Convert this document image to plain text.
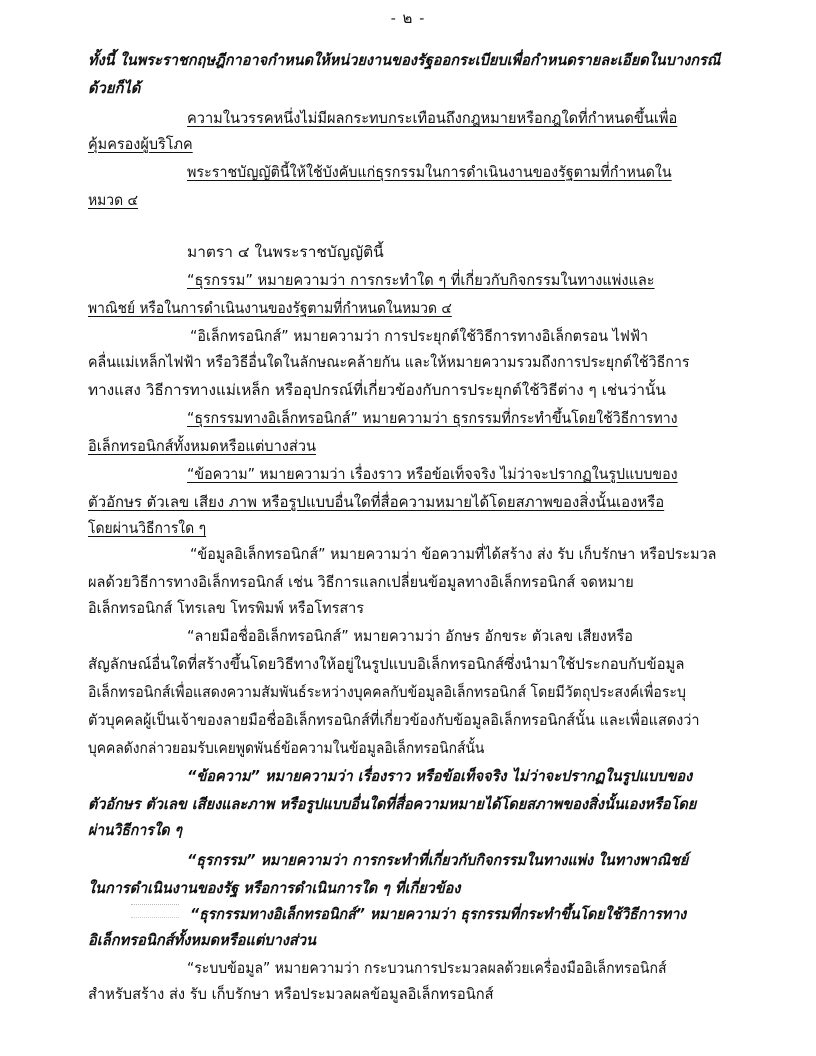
- ๒ -
ทั้งนี้ ในพระราชกฤษฎีกาอาจกำหนดให้หน่วยงานของรัฐออกระเบียบเพื่อกำหนดรายละเอียดในบางกรณี
ด้วยก็ได้
ความในวรรคหนึ่งไม่มีผลกระทบกระเทือนถึงกฎหมายหรือกฎใดที่กำหนดขึ้นเพื่อ
คุ้มครองผู้บริโภค
พระราชบัญญัตินี้ให้ใช้บังคับแก่ธุรกรรมในการดำเนินงานของรัฐตามที่กำหนดใน
หมวด ๔
มาตรา ๔ ในพระราชบัญญัตินี้
“ธุรกรรม” หมายความว่า การกระทำใด ๆ ที่เกี่ยวกับกิจกรรมในทางแพ่งและ
พาณิชย์ หรือในการดำเนินงานของรัฐตามที่กำหนดในหมวด ๔
“อิเล็กทรอนิกส์” หมายความว่า การประยุกต์ใช้วิธีการทางอิเล็กตรอน ไฟฟ้า
คลื่นแม่เหล็กไฟฟ้า หรือวิธีอื่นใดในลักษณะคล้ายกัน และให้หมายความรวมถึงการประยุกต์ใช้วิธีการ
ทางแสง วิธีการทางแม่เหล็ก หรืออุปกรณ์ที่เกี่ยวข้องกับการประยุกต์ใช้วิธีต่าง ๆ เช่นว่านั้น
“ธุรกรรมทางอิเล็กทรอนิกส์” หมายความว่า ธุรกรรมที่กระทำขึ้นโดยใช้วิธีการทาง
อิเล็กทรอนิกส์ทั้งหมดหรือแต่บางส่วน
“ข้อความ” หมายความว่า เรื่องราว หรือข้อเท็จจริง ไม่ว่าจะปรากฏในรูปแบบของ
ตัวอักษร ตัวเลข เสียง ภาพ หรือรูปแบบอื่นใดที่สื่อความหมายได้โดยสภาพของสิ่งนั้นเองหรือ
โดยผ่านวิธีการใด ๆ
“ข้อมูลอิเล็กทรอนิกส์” หมายความว่า ข้อความที่ได้สร้าง ส่ง รับ เก็บรักษา หรือประมวล
ผลด้วยวิธีการทางอิเล็กทรอนิกส์ เช่น วิธีการแลกเปลี่ยนข้อมูลทางอิเล็กทรอนิกส์ จดหมาย
อิเล็กทรอนิกส์ โทรเลข โทรพิมพ์ หรือโทรสาร
“ลายมือชื่ออิเล็กทรอนิกส์” หมายความว่า อักษร อักขระ ตัวเลข เสียงหรือ
สัญลักษณ์อื่นใดที่สร้างขึ้นโดยวิธีทางให้อยู่ในรูปแบบอิเล็กทรอนิกส์ซึ่งนำมาใช้ประกอบกับข้อมูล
อิเล็กทรอนิกส์เพื่อแสดงความสัมพันธ์ระหว่างบุคคลกับข้อมูลอิเล็กทรอนิกส์ โดยมีวัตถุประสงค์เพื่อระบุ
ตัวบุคคลผู้เป็นเจ้าของลายมือชื่ออิเล็กทรอนิกส์ที่เกี่ยวข้องกับข้อมูลอิเล็กทรอนิกส์นั้น และเพื่อแสดงว่า
บุคคลดังกล่าวยอมรับเคยพูดพันธ์ข้อความในข้อมูลอิเล็กทรอนิกส์นั้น
“ข้อความ” หมายความว่า เรื่องราว หรือข้อเท็จจริง ไม่ว่าจะปรากฏในรูปแบบของ
ตัวอักษร ตัวเลข เสียงและภาพ หรือรูปแบบอื่นใดที่สื่อความหมายได้โดยสภาพของสิ่งนั้นเองหรือโดย
ผ่านวิธีการใด ๆ
“ธุรกรรม” หมายความว่า การกระทำที่เกี่ยวกับกิจกรรมในทางแพ่ง ในทางพาณิชย์
ในการดำเนินงานของรัฐ หรือการดำเนินการใด ๆ ที่เกี่ยวข้อง
“ธุรกรรมทางอิเล็กทรอนิกส์” หมายความว่า ธุรกรรมที่กระทำขึ้นโดยใช้วิธีการทาง
อิเล็กทรอนิกส์ทั้งหมดหรือแต่บางส่วน
“ระบบข้อมูล” หมายความว่า กระบวนการประมวลผลด้วยเครื่องมืออิเล็กทรอนิกส์
สำหรับสร้าง ส่ง รับ เก็บรักษา หรือประมวลผลข้อมูลอิเล็กทรอนิกส์
